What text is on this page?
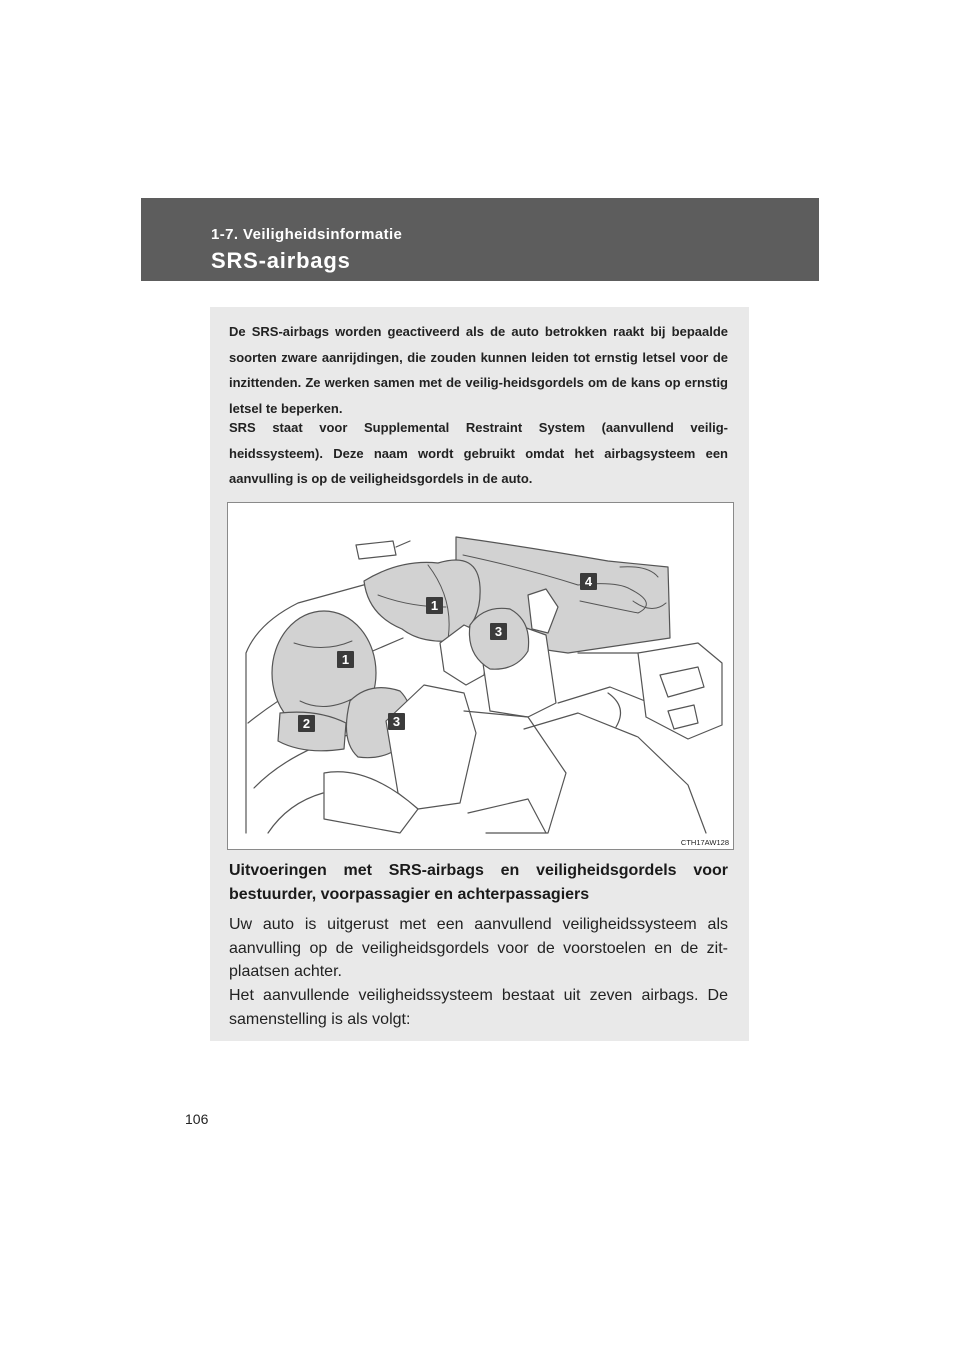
1-7. Veiligheidsinformatie
SRS-airbags

De SRS-airbags worden geactiveerd als de auto betrokken raakt bij bepaalde soorten zware aanrijdingen, die zouden kunnen leiden tot ernstig letsel voor de inzittenden. Ze werken samen met de veilig-heidsgordels om de kans op ernstig letsel te beperken.

SRS staat voor Supplemental Restraint System (aanvullend veilig-heidssysteem). Deze naam wordt gebruikt omdat het airbagsysteem een aanvulling is op de veiligheidsgordels in de auto.

1
1
2	3
3
4
CTH17AW128

Uitvoeringen met SRS-airbags en veiligheidsgordels voor bestuurder, voorpassagier en achterpassagiers

Uw auto is uitgerust met een aanvullend veiligheidssysteem als aanvulling op de veiligheidsgordels voor de voorstoelen en de zit-plaatsen achter.

Het aanvullende veiligheidssysteem bestaat uit zeven airbags. De samenstelling is als volgt:

106
